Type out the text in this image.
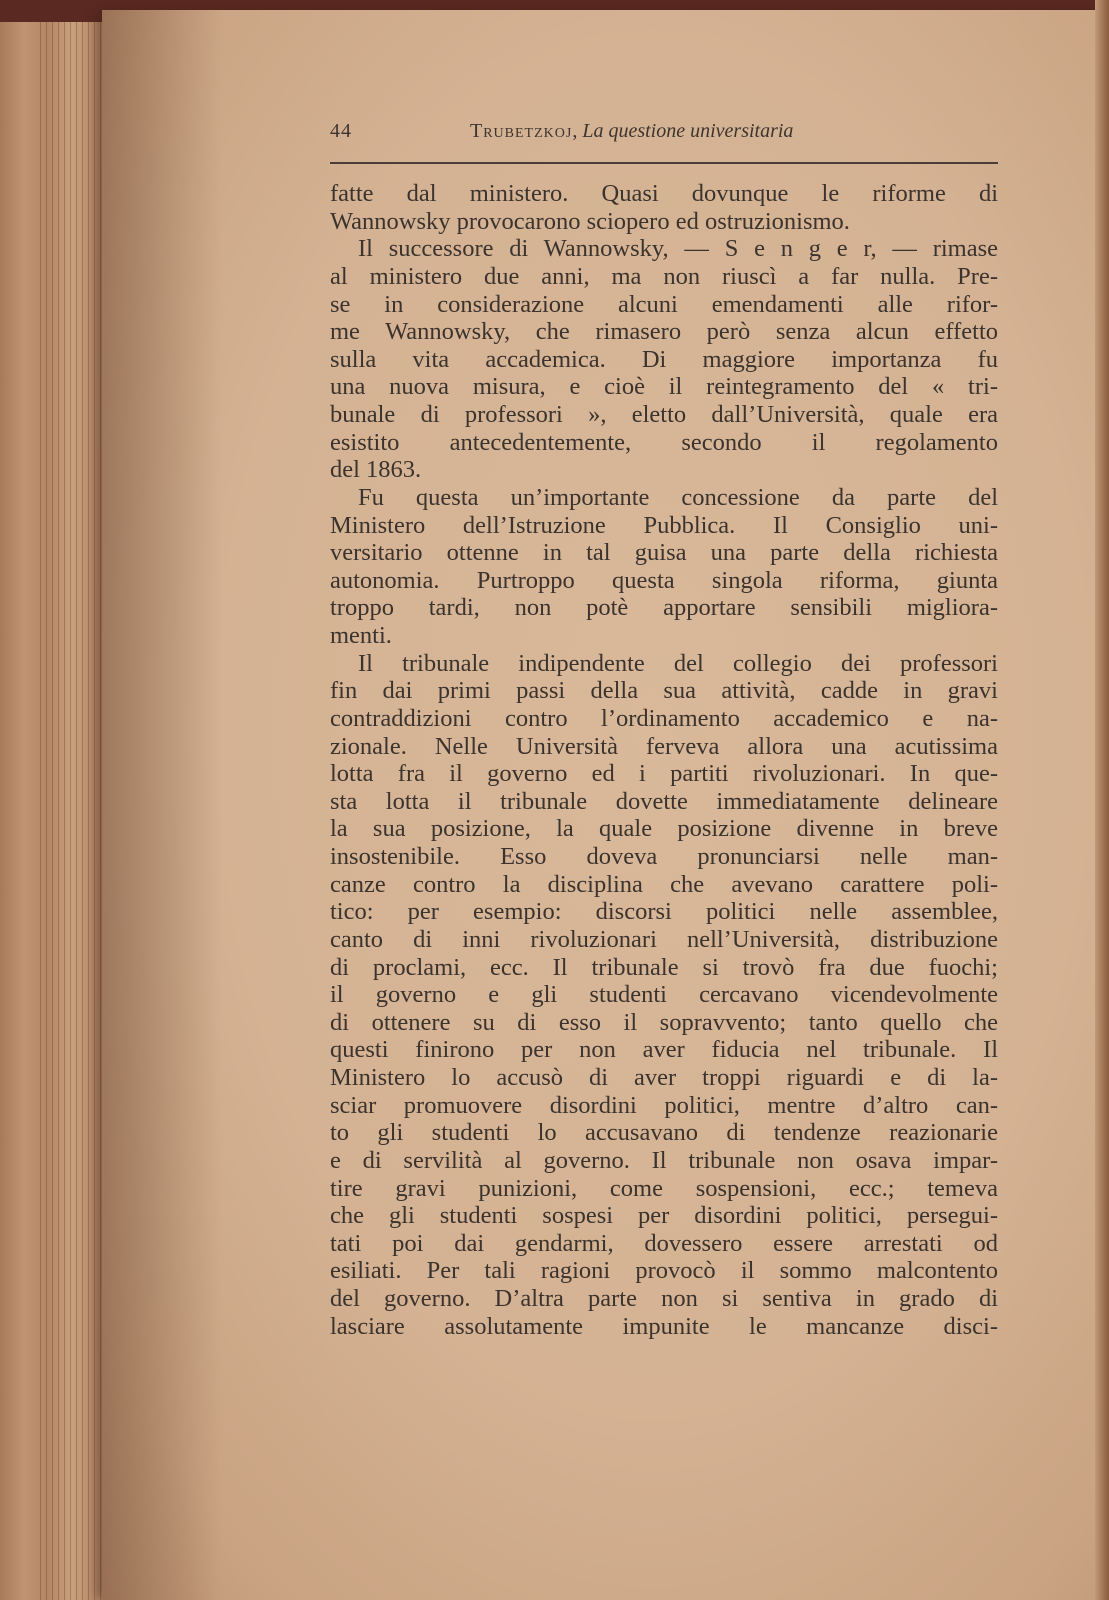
44	Trubetzkoj, La questione universitaria
fatte dal ministero. Quasi dovunque le riforme di
Wannowsky provocarono sciopero ed ostruzionismo.
Il successore di Wannowsky, — S e n g e r, — rimase
al ministero due anni, ma non riuscì a far nulla. Pre-
se in considerazione alcuni emendamenti alle rifor-
me Wannowsky, che rimasero però senza alcun effetto
sulla vita accademica. Di maggiore importanza fu
una nuova misura, e cioè il reintegramento del « tri-
bunale di professori », eletto dall’Università, quale era
esistito antecedentemente, secondo il regolamento
del 1863.
Fu questa un’importante concessione da parte del
Ministero dell’Istruzione Pubblica. Il Consiglio uni-
versitario ottenne in tal guisa una parte della richiesta
autonomia. Purtroppo questa singola riforma, giunta
troppo tardi, non potè apportare sensibili migliora-
menti.
Il tribunale indipendente del collegio dei professori
fin dai primi passi della sua attività, cadde in gravi
contraddizioni contro l’ordinamento accademico e na-
zionale. Nelle Università ferveva allora una acutissima
lotta fra il governo ed i partiti rivoluzionari. In que-
sta lotta il tribunale dovette immediatamente delineare
la sua posizione, la quale posizione divenne in breve
insostenibile. Esso doveva pronunciarsi nelle man-
canze contro la disciplina che avevano carattere poli-
tico: per esempio: discorsi politici nelle assemblee,
canto di inni rivoluzionari nell’Università, distribuzione
di proclami, ecc. Il tribunale si trovò fra due fuochi;
il governo e gli studenti cercavano vicendevolmente
di ottenere su di esso il sopravvento; tanto quello che
questi finirono per non aver fiducia nel tribunale. Il
Ministero lo accusò di aver troppi riguardi e di la-
sciar promuovere disordini politici, mentre d’altro can-
to gli studenti lo accusavano di tendenze reazionarie
e di servilità al governo. Il tribunale non osava impar-
tire gravi punizioni, come sospensioni, ecc.; temeva
che gli studenti sospesi per disordini politici, persegui-
tati poi dai gendarmi, dovessero essere arrestati od
esiliati. Per tali ragioni provocò il sommo malcontento
del governo. D’altra parte non si sentiva in grado di
lasciare assolutamente impunite le mancanze disci-
